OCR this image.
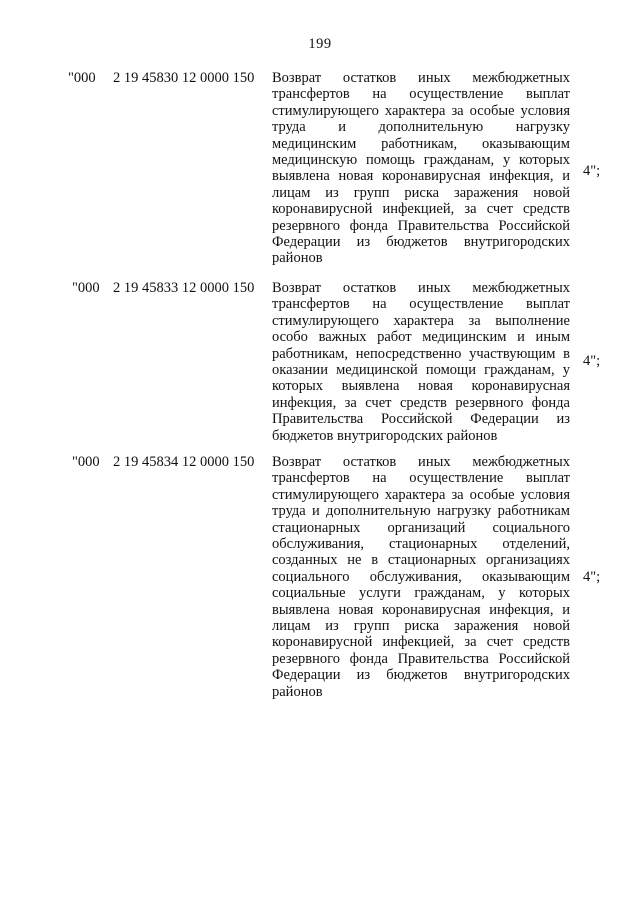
199
"000 2 19 45830 12 0000 150 Возврат остатков иных межбюджетных трансфертов на осуществление выплат стимулирующего характера за особые условия труда и дополнительную нагрузку медицинским работникам, оказывающим медицинскую помощь гражданам, у которых выявлена новая коронавирусная инфекция, и лицам из групп риска заражения новой коронавирусной инфекцией, за счет средств резервного фонда Правительства Российской Федерации из бюджетов внутригородских районов
4";
"000 2 19 45833 12 0000 150 Возврат остатков иных межбюджетных трансфертов на осуществление выплат стимулирующего характера за выполнение особо важных работ медицинским и иным работникам, непосредственно участвующим в оказании медицинской помощи гражданам, у которых выявлена новая коронавирусная инфекция, за счет средств резервного фонда Правительства Российской Федерации из бюджетов внутригородских районов
4";
"000 2 19 45834 12 0000 150 Возврат остатков иных межбюджетных трансфертов на осуществление выплат стимулирующего характера за особые условия труда и дополнительную нагрузку работникам стационарных организаций социального обслуживания, стационарных отделений, созданных не в стационарных организациях социального обслуживания, оказывающим социальные услуги гражданам, у которых выявлена новая коронавирусная инфекция, и лицам из групп риска заражения новой коронавирусной инфекцией, за счет средств резервного фонда Правительства Российской Федерации из бюджетов внутригородских районов
4";
